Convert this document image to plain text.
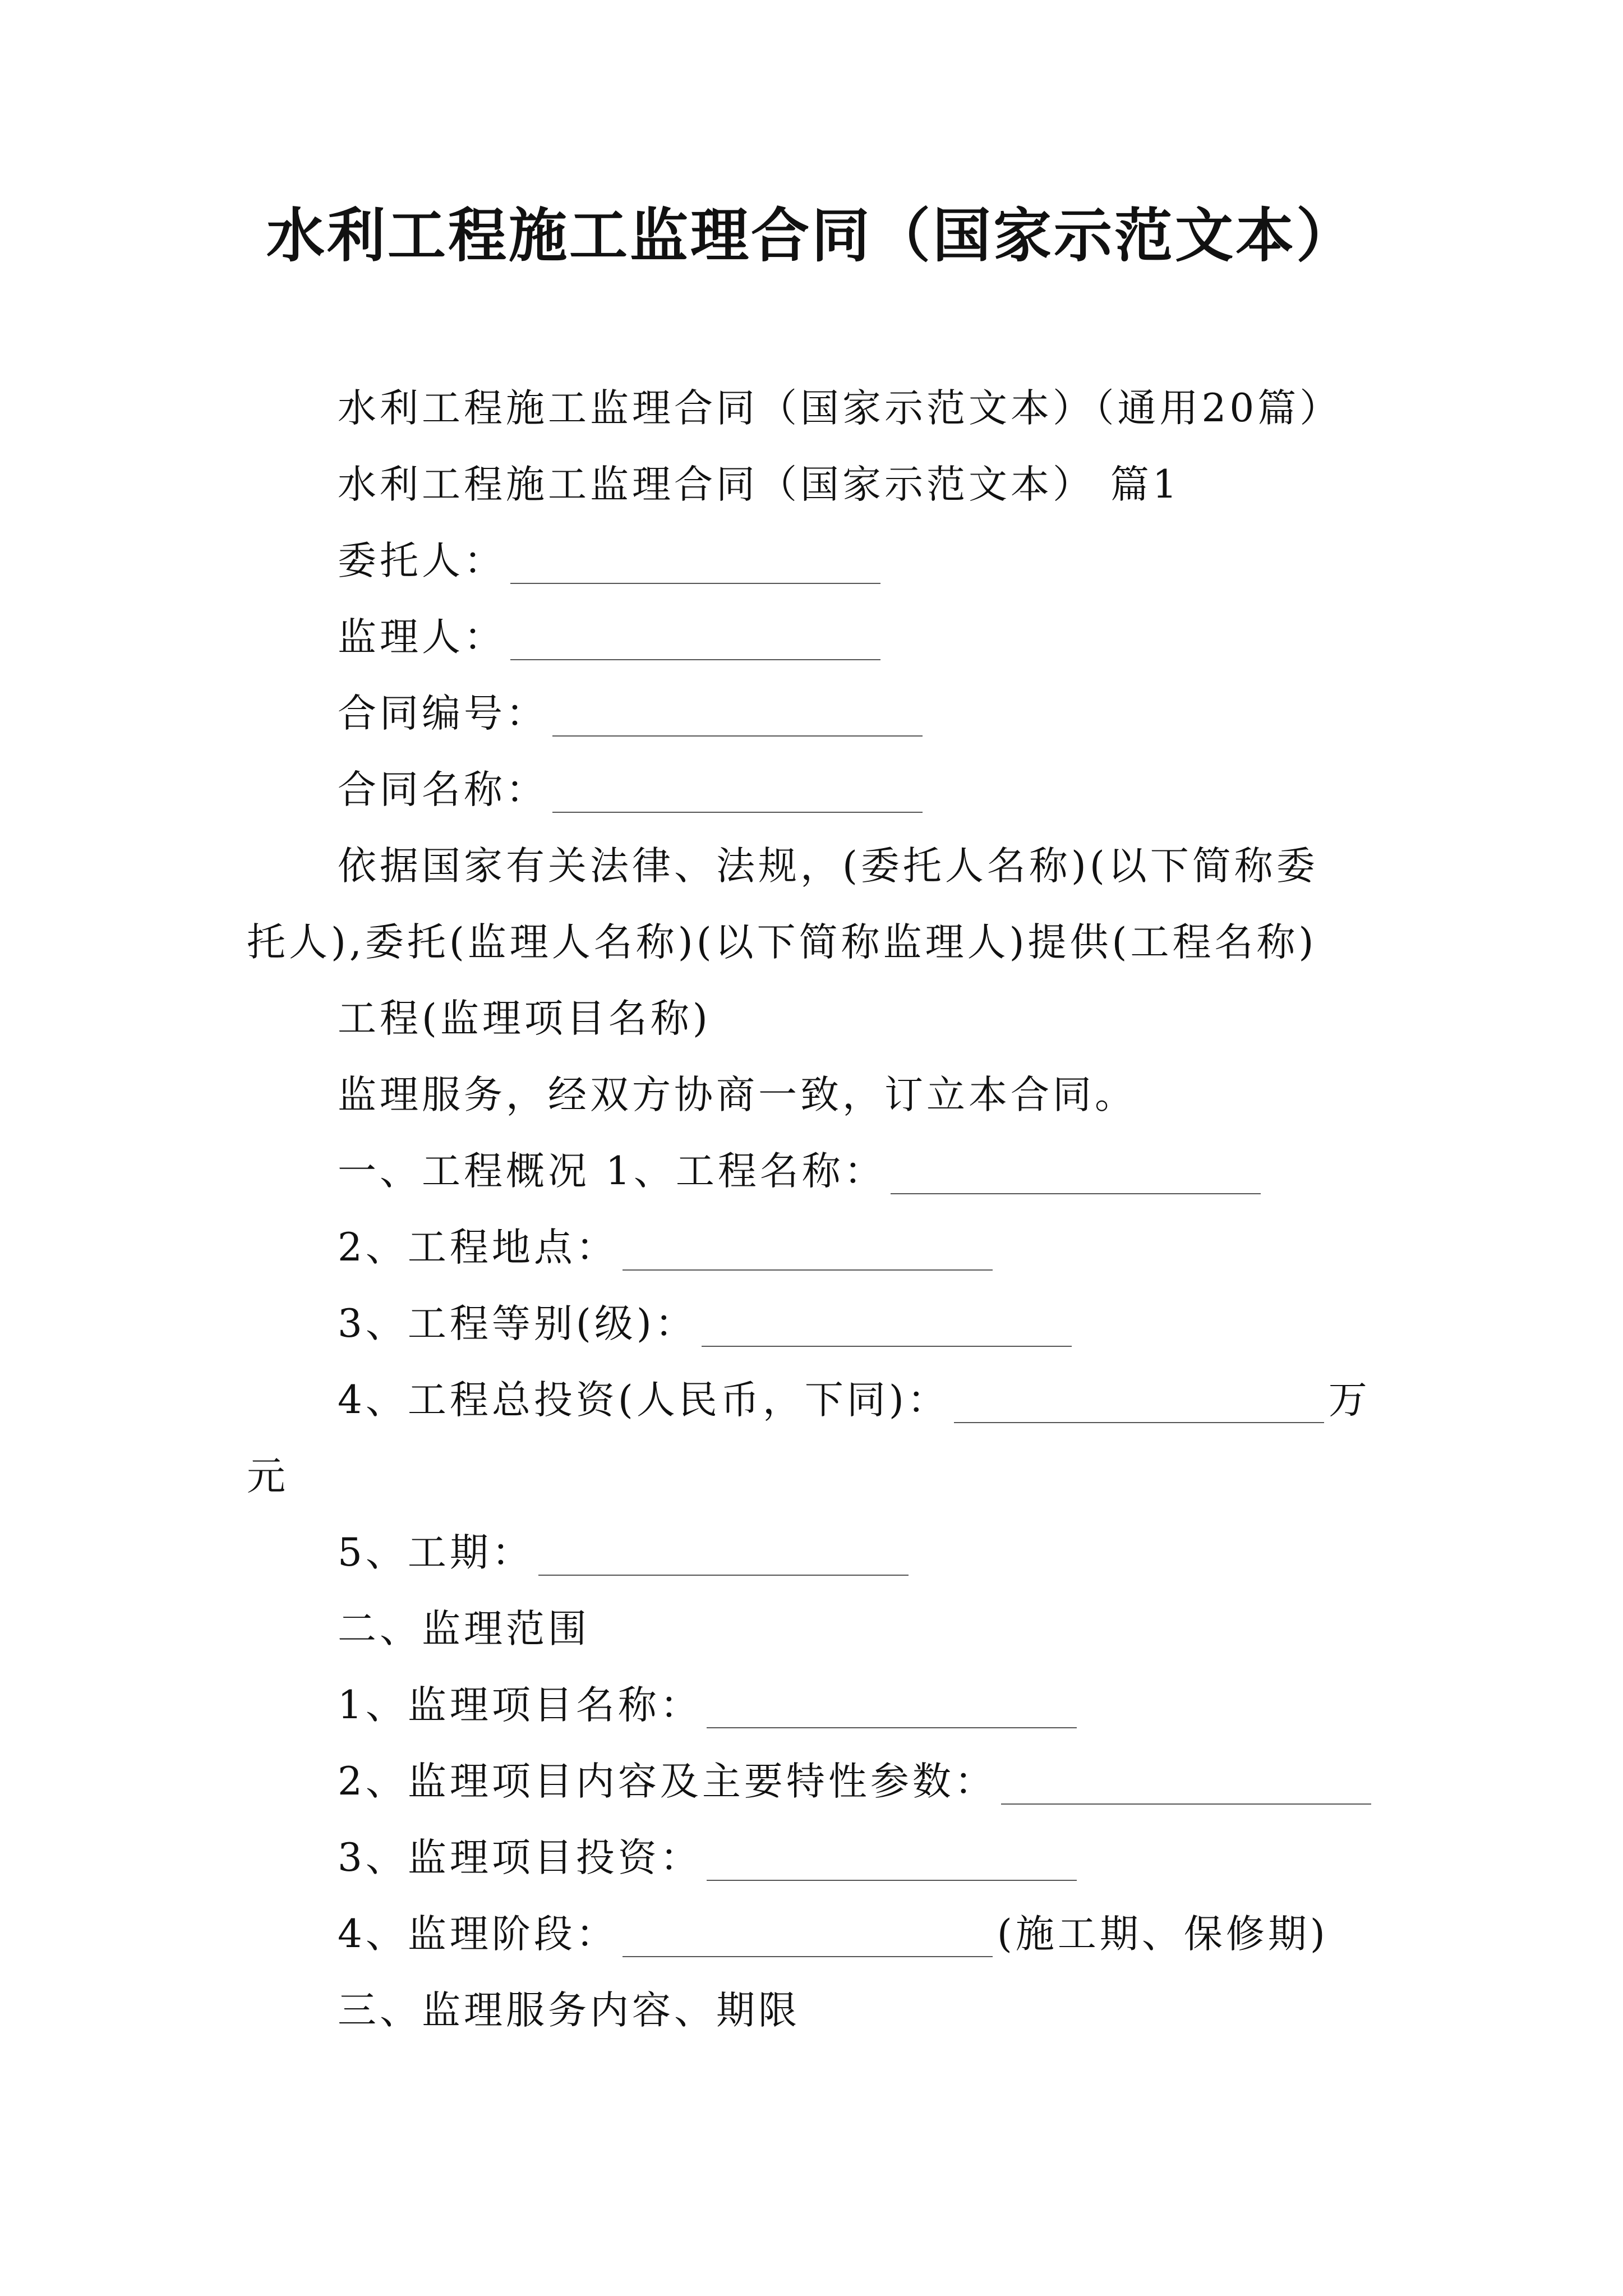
水利工程施工监理合同（国家示范文本）
水利工程施工监理合同（国家示范文本）（通用20篇）
水利工程施工监理合同（国家示范文本） 篇1
委托人：
监理人：
合同编号：
合同名称：
依据国家有关法律、法规，(委托人名称)(以下简称委
托人),委托(监理人名称)(以下简称监理人)提供(工程名称)
工程(监理项目名称)
监理服务，经双方协商一致，订立本合同。
一、工程概况 1、工程名称：
2、工程地点：
3、工程等别(级)：
4、工程总投资(人民币，下同)：	万
元
5、工期：
二、监理范围
1、监理项目名称：
2、监理项目内容及主要特性参数：
3、监理项目投资：
4、监理阶段：	(施工期、保修期)
三、监理服务内容、期限
